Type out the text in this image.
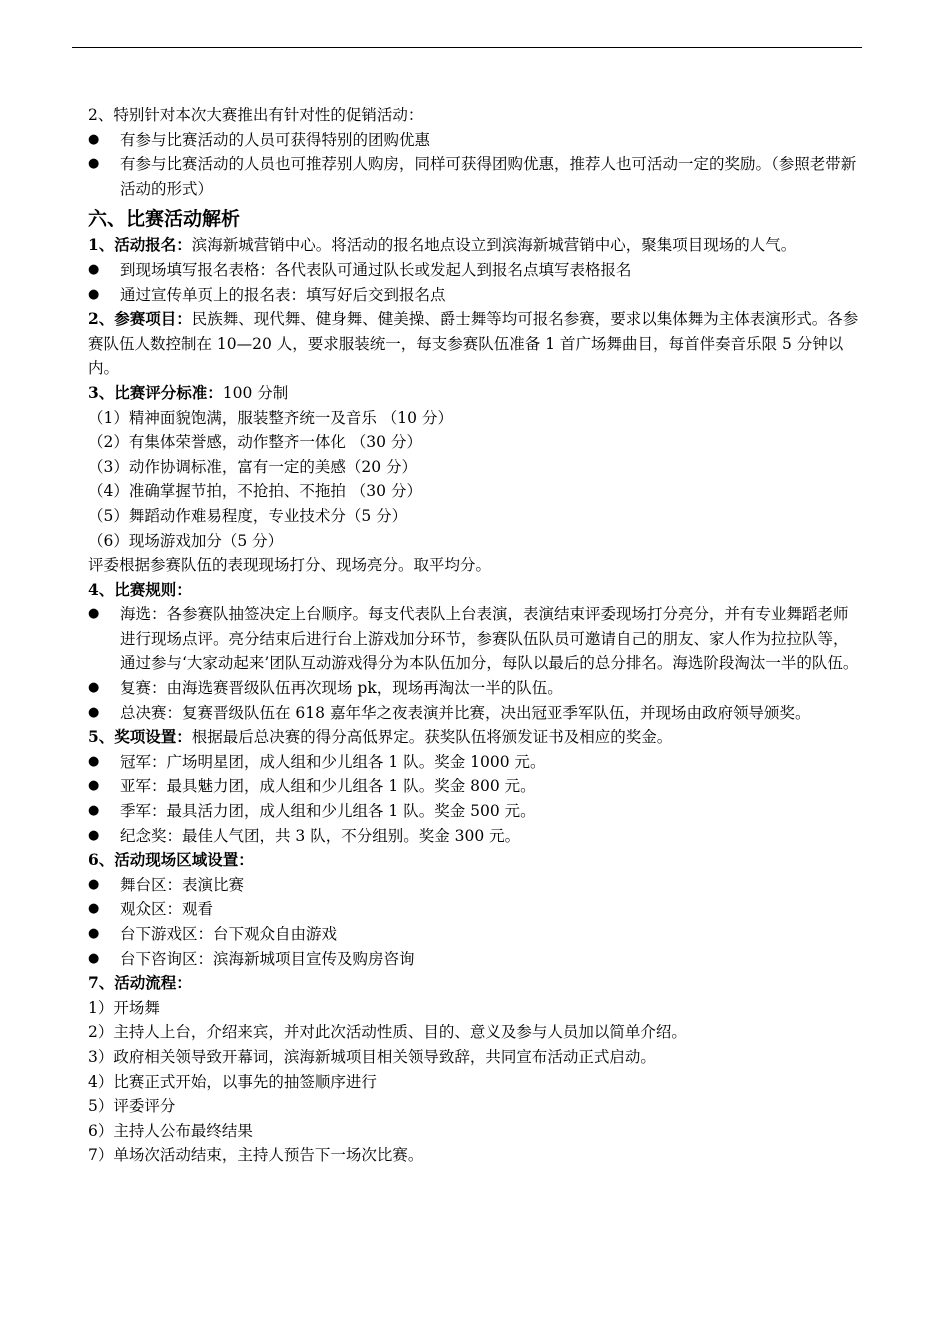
2、特别针对本次大赛推出有针对性的促销活动：
●	有参与比赛活动的人员可获得特别的团购优惠
●	有参与比赛活动的人员也可推荐别人购房，同样可获得团购优惠，推荐人也可活动一定的奖励。（参照老带新活动的形式）
六、比赛活动解析
1、活动报名：滨海新城营销中心。将活动的报名地点设立到滨海新城营销中心，聚集项目现场的人气。
●	到现场填写报名表格：各代表队可通过队长或发起人到报名点填写表格报名
●	通过宣传单页上的报名表：填写好后交到报名点
2、参赛项目：民族舞、现代舞、健身舞、健美操、爵士舞等均可报名参赛，要求以集体舞为主体表演形式。各参赛队伍人数控制在 10—20 人，要求服装统一，每支参赛队伍准备 1 首广场舞曲目，每首伴奏音乐限 5 分钟以内。
3、比赛评分标准：100 分制
（1）精神面貌饱满，服装整齐统一及音乐 （10 分）
（2）有集体荣誉感，动作整齐一体化 （30 分）
（3）动作协调标准，富有一定的美感（20 分）
（4）准确掌握节拍，不抢拍、不拖拍 （30 分）
（5）舞蹈动作难易程度，专业技术分（5 分）
（6）现场游戏加分（5 分）
评委根据参赛队伍的表现现场打分、现场亮分。取平均分。
4、比赛规则：
●	海选：各参赛队抽签决定上台顺序。每支代表队上台表演，表演结束评委现场打分亮分，并有专业舞蹈老师进行现场点评。亮分结束后进行台上游戏加分环节，参赛队伍队员可邀请自己的朋友、家人作为拉拉队等，通过参与‘大家动起来’团队互动游戏得分为本队伍加分，每队以最后的总分排名。海选阶段淘汰一半的队伍。
●	复赛：由海选赛晋级队伍再次现场 pk，现场再淘汰一半的队伍。
●	总决赛：复赛晋级队伍在 618 嘉年华之夜表演并比赛，决出冠亚季军队伍，并现场由政府领导颁奖。
5、奖项设置：根据最后总决赛的得分高低界定。获奖队伍将颁发证书及相应的奖金。
●	冠军：广场明星团，成人组和少儿组各 1 队。奖金 1000 元。
●	亚军：最具魅力团，成人组和少儿组各 1 队。奖金 800 元。
●	季军：最具活力团，成人组和少儿组各 1 队。奖金 500 元。
●	纪念奖：最佳人气团，共 3 队，不分组别。奖金 300 元。
6、活动现场区域设置：
●	舞台区：表演比赛
●	观众区：观看
●	台下游戏区：台下观众自由游戏
●	台下咨询区：滨海新城项目宣传及购房咨询
7、活动流程：
1）开场舞
2）主持人上台，介绍来宾，并对此次活动性质、目的、意义及参与人员加以简单介绍。
3）政府相关领导致开幕词，滨海新城项目相关领导致辞，共同宣布活动正式启动。
4）比赛正式开始，以事先的抽签顺序进行
5）评委评分
6）主持人公布最终结果
7）单场次活动结束，主持人预告下一场次比赛。
